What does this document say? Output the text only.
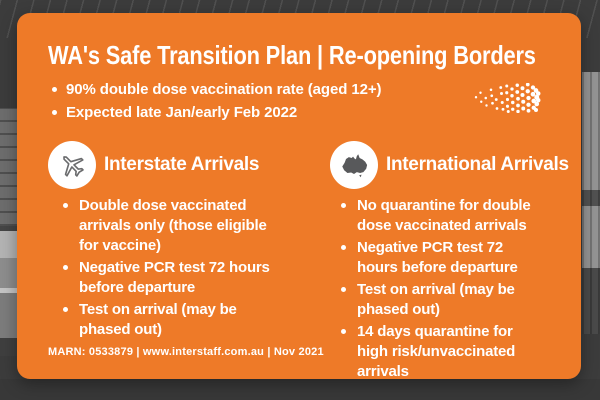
WA's Safe Transition Plan | Re-opening Borders
90% double dose vaccination rate (aged 12+)
Expected late Jan/early Feb 2022
Interstate Arrivals
Double dose vaccinated arrivals only (those eligible for vaccine)
Negative PCR test 72 hours before departure
Test on arrival (may be phased out)
International Arrivals
No quarantine for double dose vaccinated arrivals
Negative PCR test 72 hours before departure
Test on arrival (may be phased out)
14 days quarantine for high risk/unvaccinated arrivals
MARN: 0533879 | www.interstaff.com.au | Nov 2021
